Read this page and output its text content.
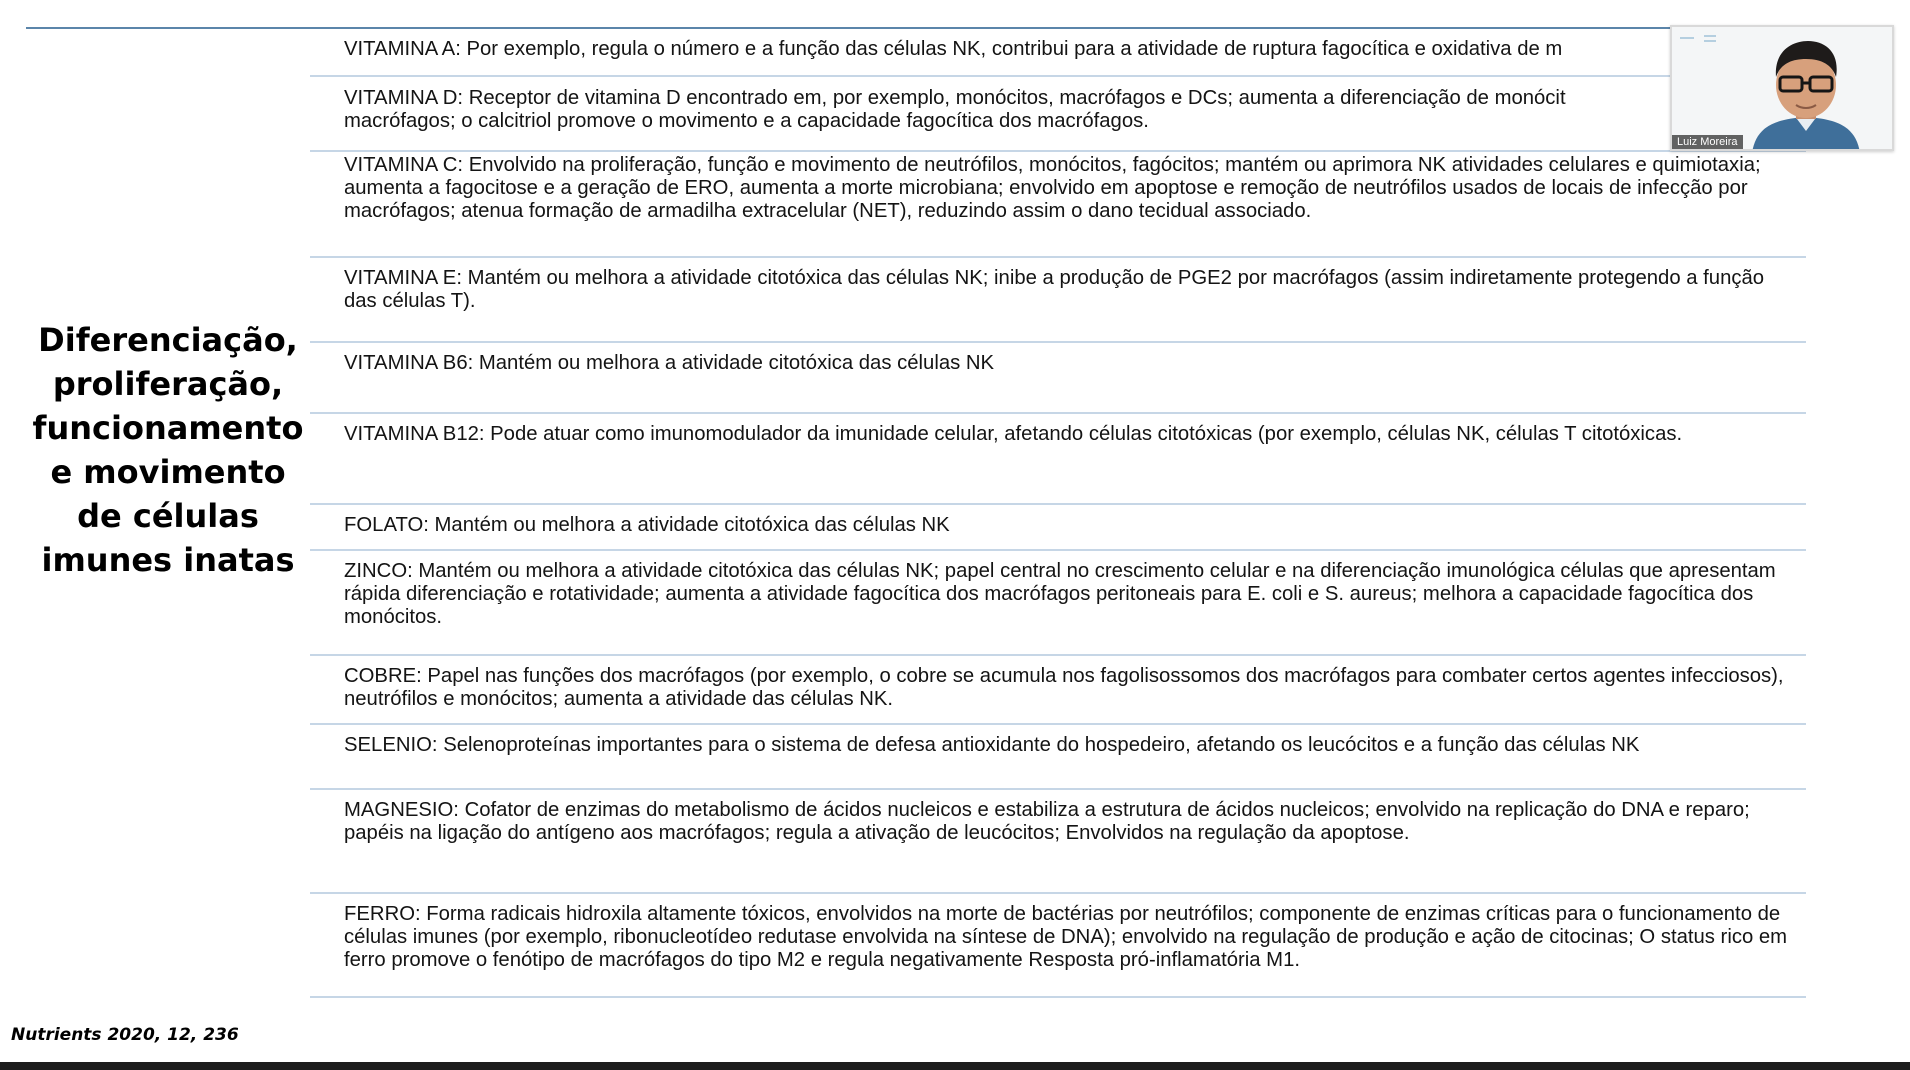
Diferenciação,
proliferação,
funcionamento
e movimento
de células
imunes inatas
VITAMINA A: Por exemplo, regula o número e a função das células NK, contribui para a atividade de ruptura fagocítica e oxidativa de m
VITAMINA D: Receptor de vitamina D encontrado em, por exemplo, monócitos, macrófagos e DCs; aumenta a diferenciação de monócit
macrófagos; o calcitriol promove o movimento e a capacidade fagocítica dos macrófagos.
VITAMINA C: Envolvido na proliferação, função e movimento de neutrófilos, monócitos, fagócitos; mantém ou aprimora NK atividades celulares e quimiotaxia; aumenta a fagocitose e a geração de ERO, aumenta a morte microbiana; envolvido em apoptose e remoção de neutrófilos usados de locais de infecção por macrófagos; atenua formação de armadilha extracelular (NET), reduzindo assim o dano tecidual associado.
VITAMINA E: Mantém ou melhora a atividade citotóxica das células NK; inibe a produção de PGE2 por macrófagos (assim indiretamente protegendo a função das células T).
VITAMINA B6: Mantém ou melhora a atividade citotóxica das células NK
VITAMINA B12: Pode atuar como imunomodulador da imunidade celular, afetando células citotóxicas (por exemplo, células NK, células T citotóxicas.
FOLATO: Mantém ou melhora a atividade citotóxica das células NK
ZINCO: Mantém ou melhora a atividade citotóxica das células NK; papel central no crescimento celular e na diferenciação imunológica células que apresentam rápida diferenciação e rotatividade; aumenta a atividade fagocítica dos macrófagos peritoneais para E. coli e S. aureus; melhora a capacidade fagocítica dos monócitos.
COBRE: Papel nas funções dos macrófagos (por exemplo, o cobre se acumula nos fagolisossomos dos macrófagos para combater certos agentes infecciosos), neutrófilos e monócitos; aumenta a atividade das células NK.
SELENIO: Selenoproteínas importantes para o sistema de defesa antioxidante do hospedeiro, afetando os leucócitos e a função das células NK
MAGNESIO: Cofator de enzimas do metabolismo de ácidos nucleicos e estabiliza a estrutura de ácidos nucleicos; envolvido na replicação do DNA e reparo; papéis na ligação do antígeno aos macrófagos; regula a ativação de leucócitos; Envolvidos na regulação da apoptose.
FERRO: Forma radicais hidroxila altamente tóxicos, envolvidos na morte de bactérias por neutrófilos; componente de enzimas críticas para o funcionamento de células imunes (por exemplo, ribonucleotídeo redutase envolvida na síntese de DNA); envolvido na regulação de produção e ação de citocinas; O status rico em ferro promove o fenótipo de macrófagos do tipo M2 e regula negativamente Resposta pró-inflamatória M1.
Nutrients 2020, 12, 236
Luiz Moreira
